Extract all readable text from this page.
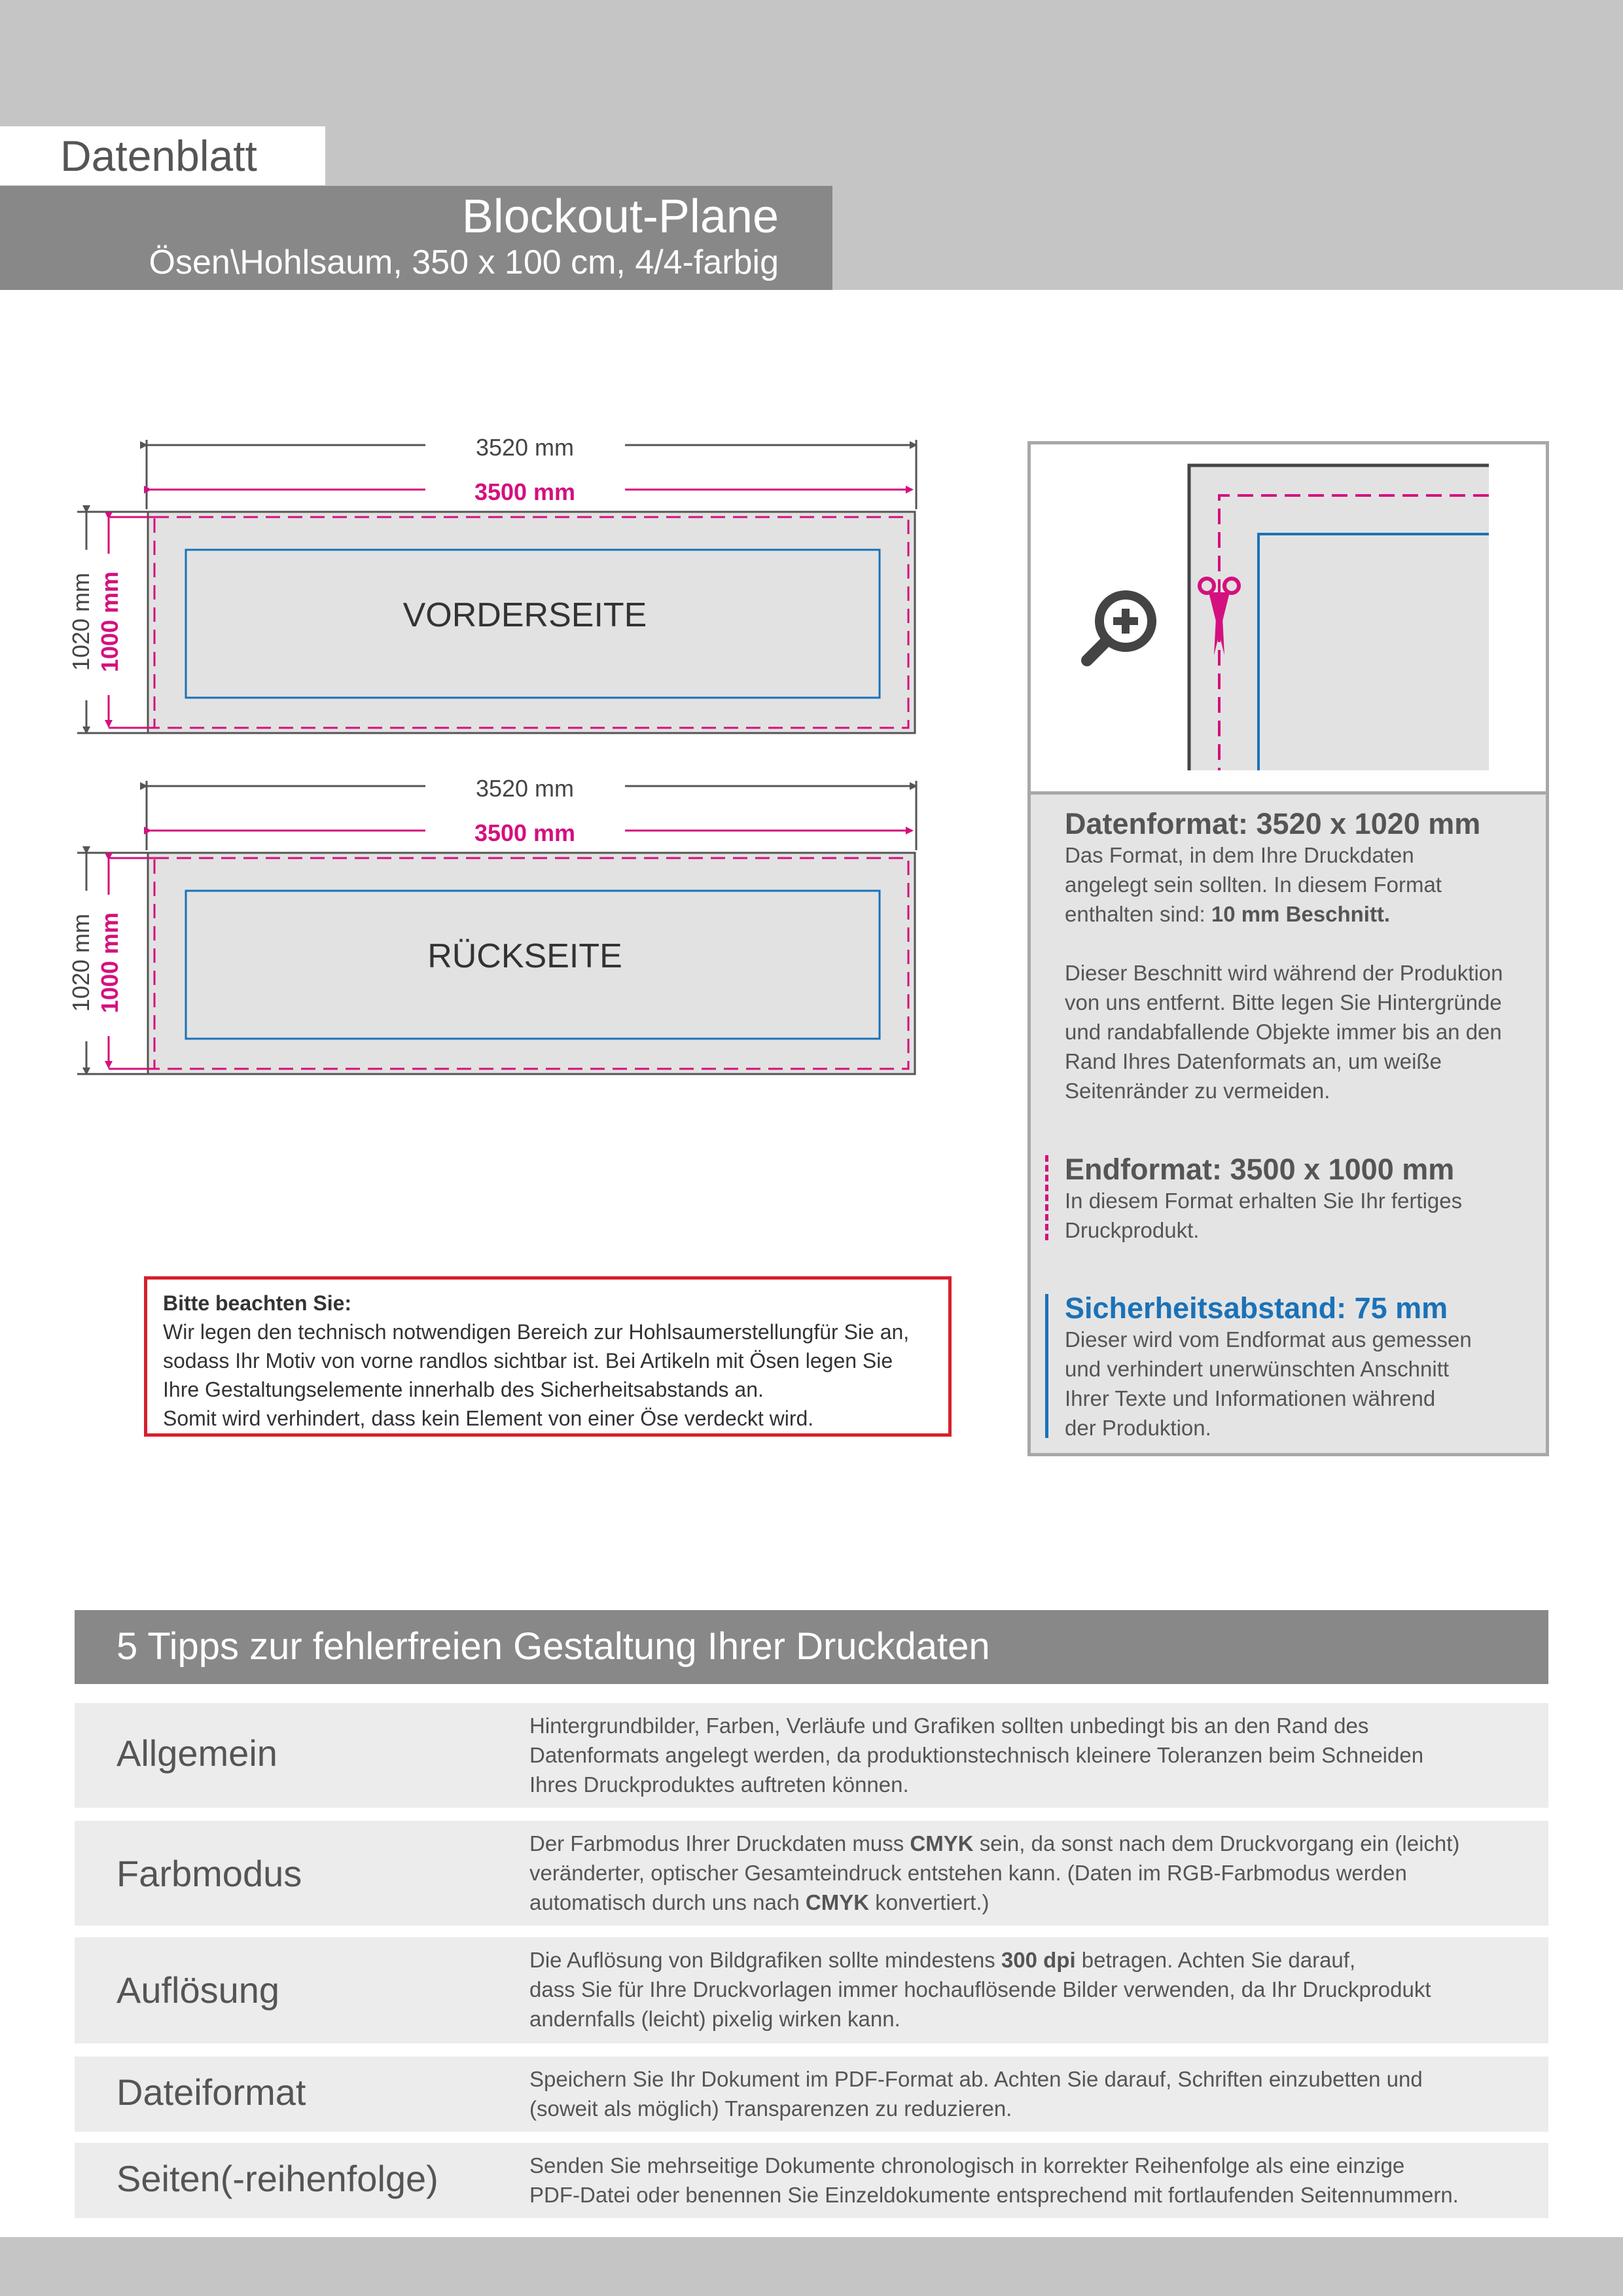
Datenblatt
Blockout-Plane
Ösen\Hohlsaum, 350 x 100 cm, 4/4-farbig
3520 mm
3500 mm
VORDERSEITE
1020 mm 1000 mm
3520 mm
3500 mm
RÜCKSEITE
1020 mm 1000 mm
Bitte beachten Sie:
Wir legen den technisch notwendigen Bereich zur Hohlsaumerstellungfür Sie an,
sodass Ihr Motiv von vorne randlos sichtbar ist. Bei Artikeln mit Ösen legen Sie
Ihre Gestaltungselemente innerhalb des Sicherheitsabstands an.
Somit wird verhindert, dass kein Element von einer Öse verdeckt wird.
Datenformat: 3520 x 1020 mm
Das Format, in dem Ihre Druckdaten
angelegt sein sollten. In diesem Format
enthalten sind: 10 mm Beschnitt.
Dieser Beschnitt wird während der Produktion
von uns entfernt. Bitte legen Sie Hintergründe
und randabfallende Objekte immer bis an den
Rand Ihres Datenformats an, um weiße
Seitenränder zu vermeiden.
Endformat: 3500 x 1000 mm
In diesem Format erhalten Sie Ihr fertiges
Druckprodukt.
Sicherheitsabstand: 75 mm
Dieser wird vom Endformat aus gemessen
und verhindert unerwünschten Anschnitt
Ihrer Texte und Informationen während
der Produktion.
5 Tipps zur fehlerfreien Gestaltung Ihrer Druckdaten
Allgemein
Hintergrundbilder, Farben, Verläufe und Grafiken sollten unbedingt bis an den Rand des
Datenformats angelegt werden, da produktionstechnisch kleinere Toleranzen beim Schneiden
Ihres Druckproduktes auftreten können.
Farbmodus
Der Farbmodus Ihrer Druckdaten muss CMYK sein, da sonst nach dem Druckvorgang ein (leicht)
veränderter, optischer Gesamteindruck entstehen kann. (Daten im RGB-Farbmodus werden
automatisch durch uns nach CMYK konvertiert.)
Auflösung
Die Auflösung von Bildgrafiken sollte mindestens 300 dpi betragen. Achten Sie darauf,
dass Sie für Ihre Druckvorlagen immer hochauflösende Bilder verwenden, da Ihr Druckprodukt
andernfalls (leicht) pixelig wirken kann.
Dateiformat	Speichern Sie Ihr Dokument im PDF-Format ab. Achten Sie darauf, Schriften einzubetten und
(soweit als möglich) Transparenzen zu reduzieren.
Seiten(-reihenfolge)	Senden Sie mehrseitige Dokumente chronologisch in korrekter Reihenfolge als eine einzige
PDF-Datei oder benennen Sie Einzeldokumente entsprechend mit fortlaufenden Seitennummern.
